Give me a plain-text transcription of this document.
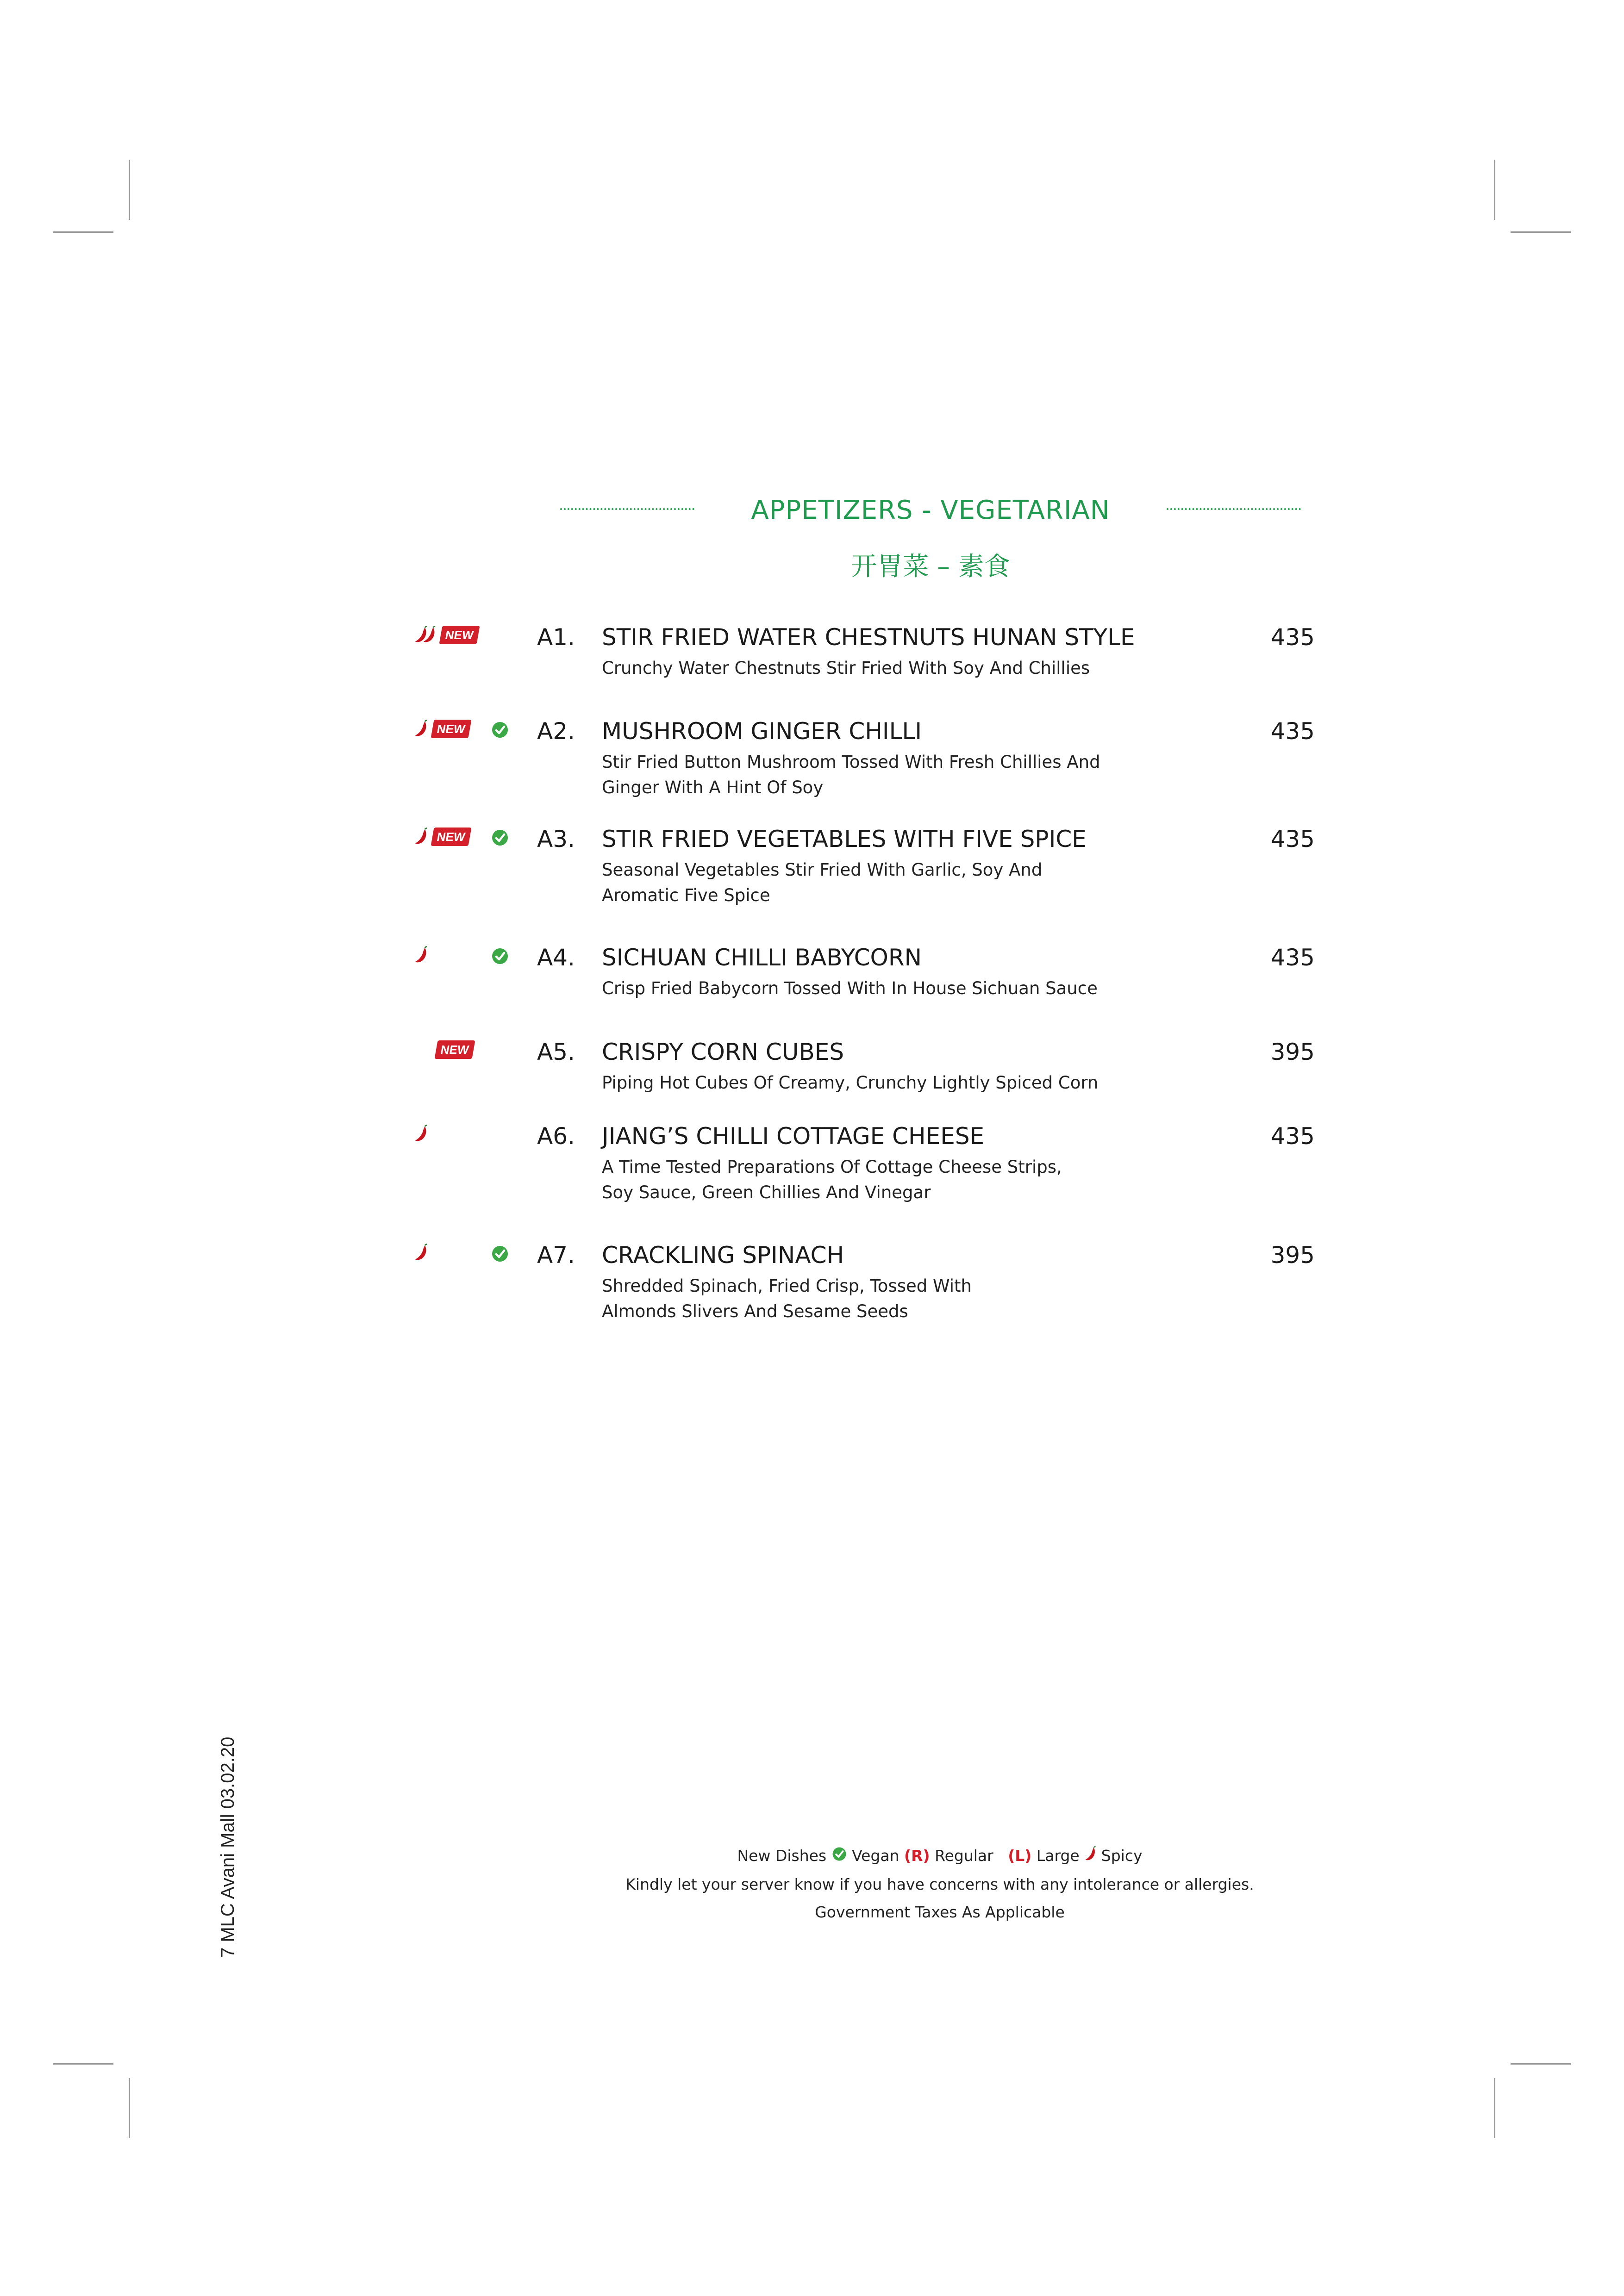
APPETIZERS - VEGETARIAN
开胃菜 – 素食
NEW	A1. STIR FRIED WATER CHESTNUTS HUNAN STYLE	435
Crunchy Water Chestnuts Stir Fried With Soy And Chillies
NEW	A2. MUSHROOM GINGER CHILLI	435
Stir Fried Button Mushroom Tossed With Fresh Chillies And
Ginger With A Hint Of Soy
NEW	A3. STIR FRIED VEGETABLES WITH FIVE SPICE	435
Seasonal Vegetables Stir Fried With Garlic, Soy And
Aromatic Five Spice
A4. SICHUAN CHILLI BABYCORN	435
Crisp Fried Babycorn Tossed With In House Sichuan Sauce
NEW	A5. CRISPY CORN CUBES	395
Piping Hot Cubes Of Creamy, Crunchy Lightly Spiced Corn
A6. JIANG’S CHILLI COTTAGE CHEESE	435
A Time Tested Preparations Of Cottage Cheese Strips,
Soy Sauce, Green Chillies And Vinegar
A7. CRACKLING SPINACH	395
Shredded Spinach, Fried Crisp, Tossed With
Almonds Slivers And Sesame Seeds
New Dishes Vegan (R) Regular (L) Large Spicy
Kindly let your server know if you have concerns with any intolerance or allergies.
Government Taxes As Applicable
7 MLC Avani Mall 03.02.20
